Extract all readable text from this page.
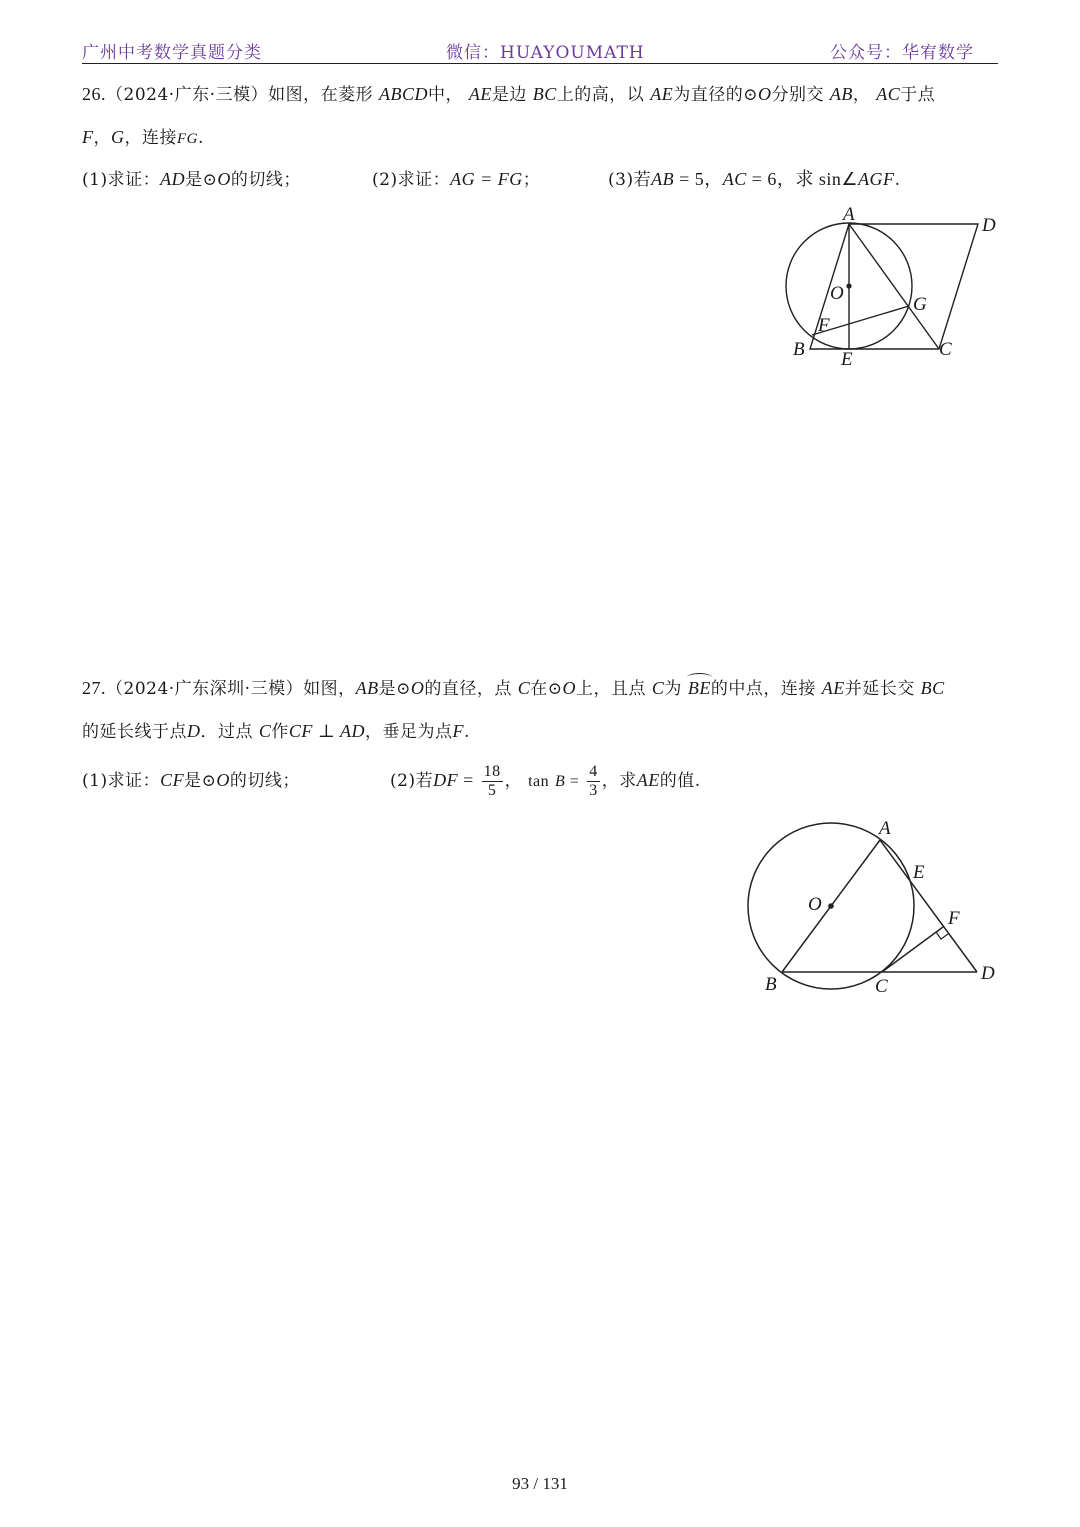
广州中考数学真题分类	微信：HUAYOUMATH	公众号：华宥数学
26.（2024·广东·三模）如图，在菱形 ABCD中， AE是边 BC上的高，以 AE为直径的⊙O分别交 AB， AC于点
F，G，连接FG.
(1)求证：AD是⊙O的切线；	(2)求证：AG = FG；	(3)若AB = 5，AC = 6，求 sin∠AGF.
A
D
O
G
F
B E	C
27.（2024·广东深圳·三模）如图，AB是⊙O的直径，点 C在⊙O上，且点 C为 BE的中点，连接 AE并延长交 BC
的延长线于点D．过点 C作CF ⊥ AD，垂足为点F.
(1)求证：CF是⊙O的切线；	(2)若DF = $\frac{18}{5}$ ， $\tan B = \frac{4}{3}$ ，求AE的值.
A
E
O
F
D
B	C
93 / 131
